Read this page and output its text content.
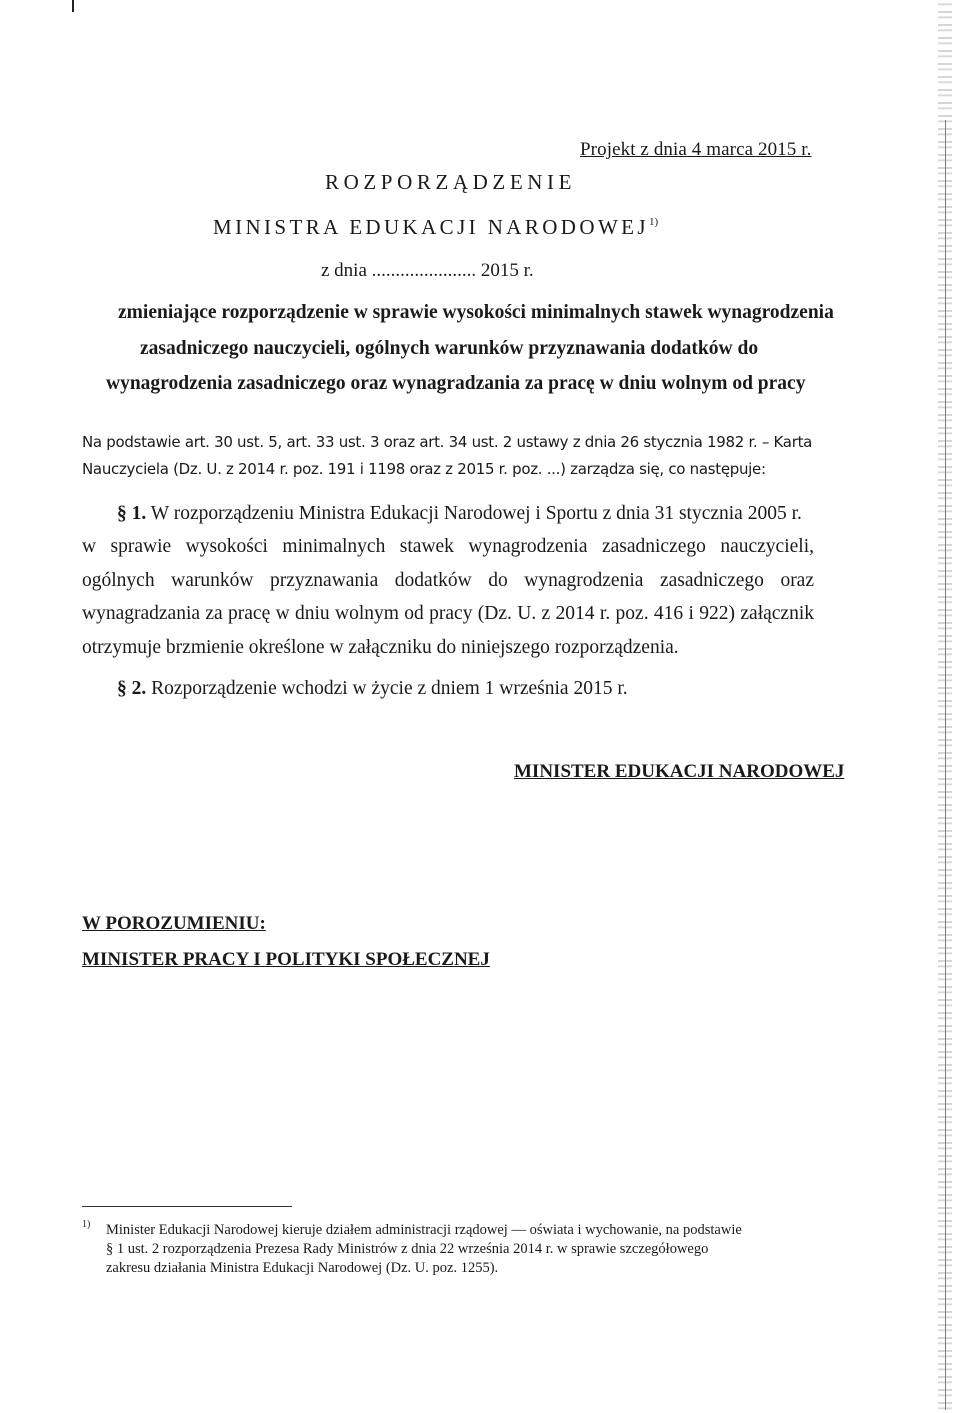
Projekt z dnia 4 marca 2015 r.
ROZPORZĄDZENIE
MINISTRA EDUKACJI NARODOWEJ$^{1)}$
z dnia ...................... 2015 r.
zmieniające rozporządzenie w sprawie wysokości minimalnych stawek wynagrodzenia
zasadniczego nauczycieli, ogólnych warunków przyznawania dodatków do
wynagrodzenia zasadniczego oraz wynagradzania za pracę w dniu wolnym od pracy
Na podstawie art. 30 ust. 5, art. 33 ust. 3 oraz art. 34 ust. 2 ustawy z dnia 26 stycznia 1982 r. – Karta
Nauczyciela (Dz. U. z 2014 r. poz. 191 i 1198 oraz z 2015 r. poz. ...) zarządza się, co następuje:
§ 1. W rozporządzeniu Ministra Edukacji Narodowej i Sportu z dnia 31 stycznia 2005 r.
w sprawie wysokości minimalnych stawek wynagrodzenia zasadniczego nauczycieli,
ogólnych warunków przyznawania dodatków do wynagrodzenia zasadniczego oraz
wynagradzania za pracę w dniu wolnym od pracy (Dz. U. z 2014 r. poz. 416 i 922) załącznik
otrzymuje brzmienie określone w załączniku do niniejszego rozporządzenia.
§ 2. Rozporządzenie wchodzi w życie z dniem 1 września 2015 r.
MINISTER EDUKACJI NARODOWEJ
W POROZUMIENIU:
MINISTER PRACY I POLITYKI SPOŁECZNEJ
1) Minister Edukacji Narodowej kieruje działem administracji rządowej — oświata i wychowanie, na podstawie
§ 1 ust. 2 rozporządzenia Prezesa Rady Ministrów z dnia 22 września 2014 r. w sprawie szczegółowego
zakresu działania Ministra Edukacji Narodowej (Dz. U. poz. 1255).
